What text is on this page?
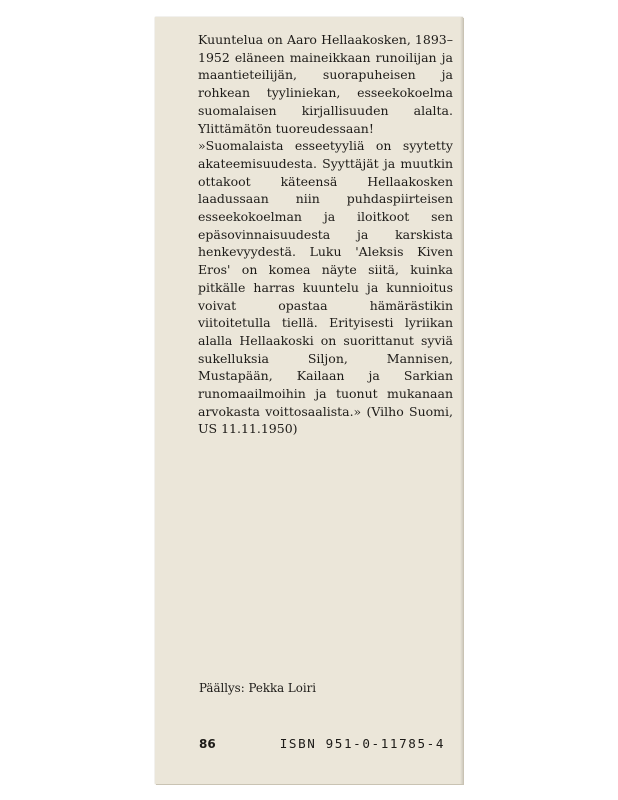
Kuuntelua on Aaro Hellaakosken, 1893–1952 eläneen maineikkaan runoilijan ja maantieteilijän, suorapuheisen ja rohkean tyyliniekan, esseekokoelma suomalaisen kirjallisuuden alalta. Ylittämätön tuoreudessaan!

»Suomalaista esseetyyliä on syytetty akateemisuudesta. Syyttäjät ja muutkin ottakoot käteensä Hellaakosken laadussaan niin puhdaspiirteisen esseekokoelman ja iloitkoot sen epäsovinnaisuudesta ja karskista henkevyydestä. Luku 'Aleksis Kiven Eros' on komea näyte siitä, kuinka pitkälle harras kuuntelu ja kunnioitus voivat opastaa hämärästikin viitoitetulla tiellä. Erityisesti lyriikan alalla Hellaakoski on suorittanut syviä sukelluksia Siljon, Mannisen, Mustapään, Kailaan ja Sarkian runomaailmoihin ja tuonut mukanaan arvokasta voittosaalista.» (Vilho Suomi, US 11.11.1950)

Päällys: Pekka Loiri
86	ISBN 951-0-11785-4
